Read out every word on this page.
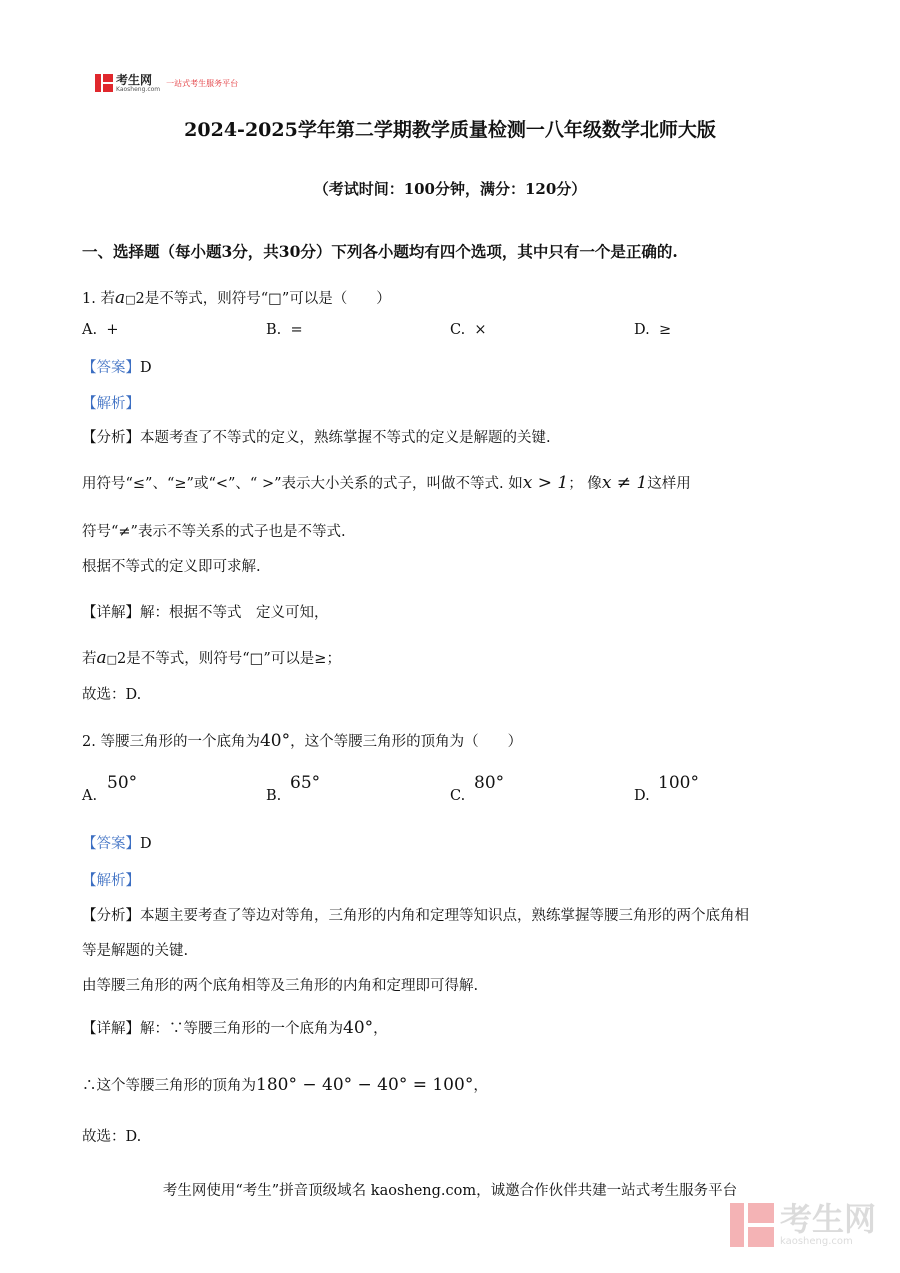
考生网
Kaosheng.com
一站式考生服务平台
2024-2025学年第二学期教学质量检测一八年级数学北师大版
（考试时间：100分钟，满分：120分）
一、选择题（每小题3分，共30分）下列各小题均有四个选项，其中只有一个是正确的.
1. 若a□2是不等式，则符号“□”可以是（　　）
A. +	B. =	C. ×	D. ≥
【答案】D
【解析】
【分析】本题考查了不等式的定义，熟练掌握不等式的定义是解题的关键.
用符号“≤”、“≥”或“<”、“ >”表示大小关系的式子，叫做不等式. 如x > 1； 像x ≠ 1这样用
符号“≠”表示不等关系的式子也是不等式.
根据不等式的定义即可求解.
【详解】解：根据不等式　定义可知，
若a□2是不等式，则符号“□”可以是≥；
故选：D.
2. 等腰三角形的一个底角为40°，这个等腰三角形的顶角为（　　）
A.
50°
B.
65°
C.
80°
D.
100°
【答案】D
【解析】
【分析】本题主要考查了等边对等角，三角形的内角和定理等知识点，熟练掌握等腰三角形的两个底角相
等是解题的关键.
由等腰三角形的两个底角相等及三角形的内角和定理即可得解.
【详解】解：∵等腰三角形的一个底角为40°，
∴这个等腰三角形的顶角为180° − 40° − 40° = 100°，
故选：D.
考生网使用“考生”拼音顶级域名 kaosheng.com，诚邀合作伙伴共建一站式考生服务平台
考生网
kaosheng.com
